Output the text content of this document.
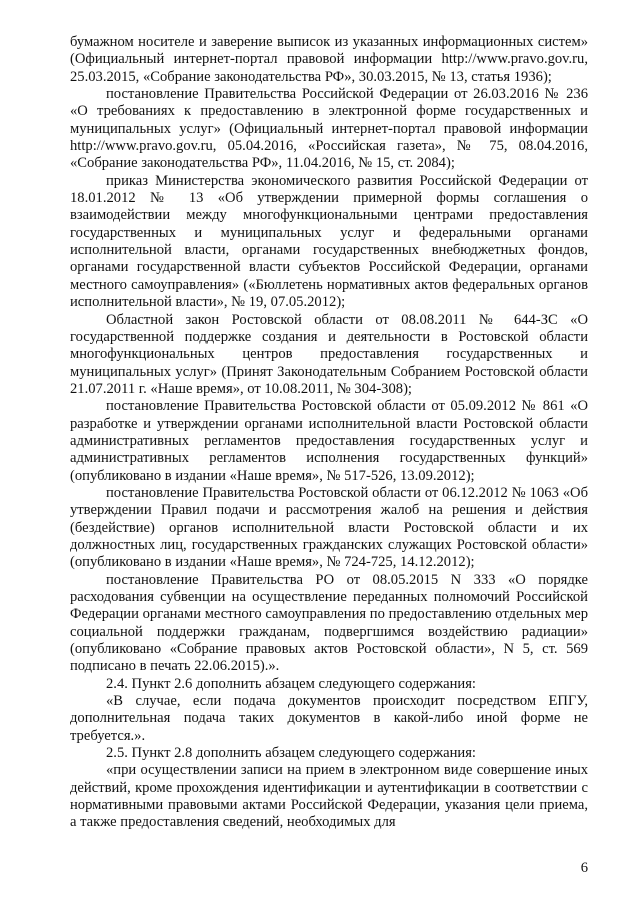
бумажном носителе и заверение выписок из указанных информационных систем» (Официальный интернет-портал правовой информации http://www.pravo.gov.ru, 25.03.2015, «Собрание законодательства РФ», 30.03.2015, № 13, статья 1936);

постановление Правительства Российской Федерации от 26.03.2016 № 236 «О требованиях к предоставлению в электронной форме государственных и муниципальных услуг» (Официальный интернет-портал правовой информации http://www.pravo.gov.ru, 05.04.2016, «Российская газета», № 75, 08.04.2016, «Собрание законодательства РФ», 11.04.2016, № 15, ст. 2084);

приказ Министерства экономического развития Российской Федерации от 18.01.2012 № 13 «Об утверждении примерной формы соглашения о взаимодействии между многофункциональными центрами предоставления государственных и муниципальных услуг и федеральными органами исполнительной власти, органами государственных внебюджетных фондов, органами государственной власти субъектов Российской Федерации, органами местного самоуправления» («Бюллетень нормативных актов федеральных органов исполнительной власти», № 19, 07.05.2012);

Областной закон Ростовской области от 08.08.2011 № 644-ЗС «О государственной поддержке создания и деятельности в Ростовской области многофункциональных центров предоставления государственных и муниципальных услуг» (Принят Законодательным Собранием Ростовской области 21.07.2011 г. «Наше время», от 10.08.2011, № 304-308);

постановление Правительства Ростовской области от 05.09.2012 № 861 «О разработке и утверждении органами исполнительной власти Ростовской области административных регламентов предоставления государственных услуг и административных регламентов исполнения государственных функций» (опубликовано в издании «Наше время», № 517-526, 13.09.2012);

постановление Правительства Ростовской области от 06.12.2012 № 1063 «Об утверждении Правил подачи и рассмотрения жалоб на решения и действия (бездействие) органов исполнительной власти Ростовской области и их должностных лиц, государственных гражданских служащих Ростовской области» (опубликовано в издании «Наше время», № 724-725, 14.12.2012);

постановление Правительства РО от 08.05.2015 N 333 «О порядке расходования субвенции на осуществление переданных полномочий Российской Федерации органами местного самоуправления по предоставлению отдельных мер социальной поддержки гражданам, подвергшимся воздействию радиации» (опубликовано «Собрание правовых актов Ростовской области», N 5, ст. 569 подписано в печать 22.06.2015).».

2.4. Пункт 2.6 дополнить абзацем следующего содержания:

«В случае, если подача документов происходит посредством ЕПГУ, дополнительная подача таких документов в какой-либо иной форме не требуется.».

2.5. Пункт 2.8 дополнить абзацем следующего содержания:

«при осуществлении записи на прием в электронном виде совершение иных действий, кроме прохождения идентификации и аутентификации в соответствии с нормативными правовыми актами Российской Федерации, указания цели приема, а также предоставления сведений, необходимых для

6
